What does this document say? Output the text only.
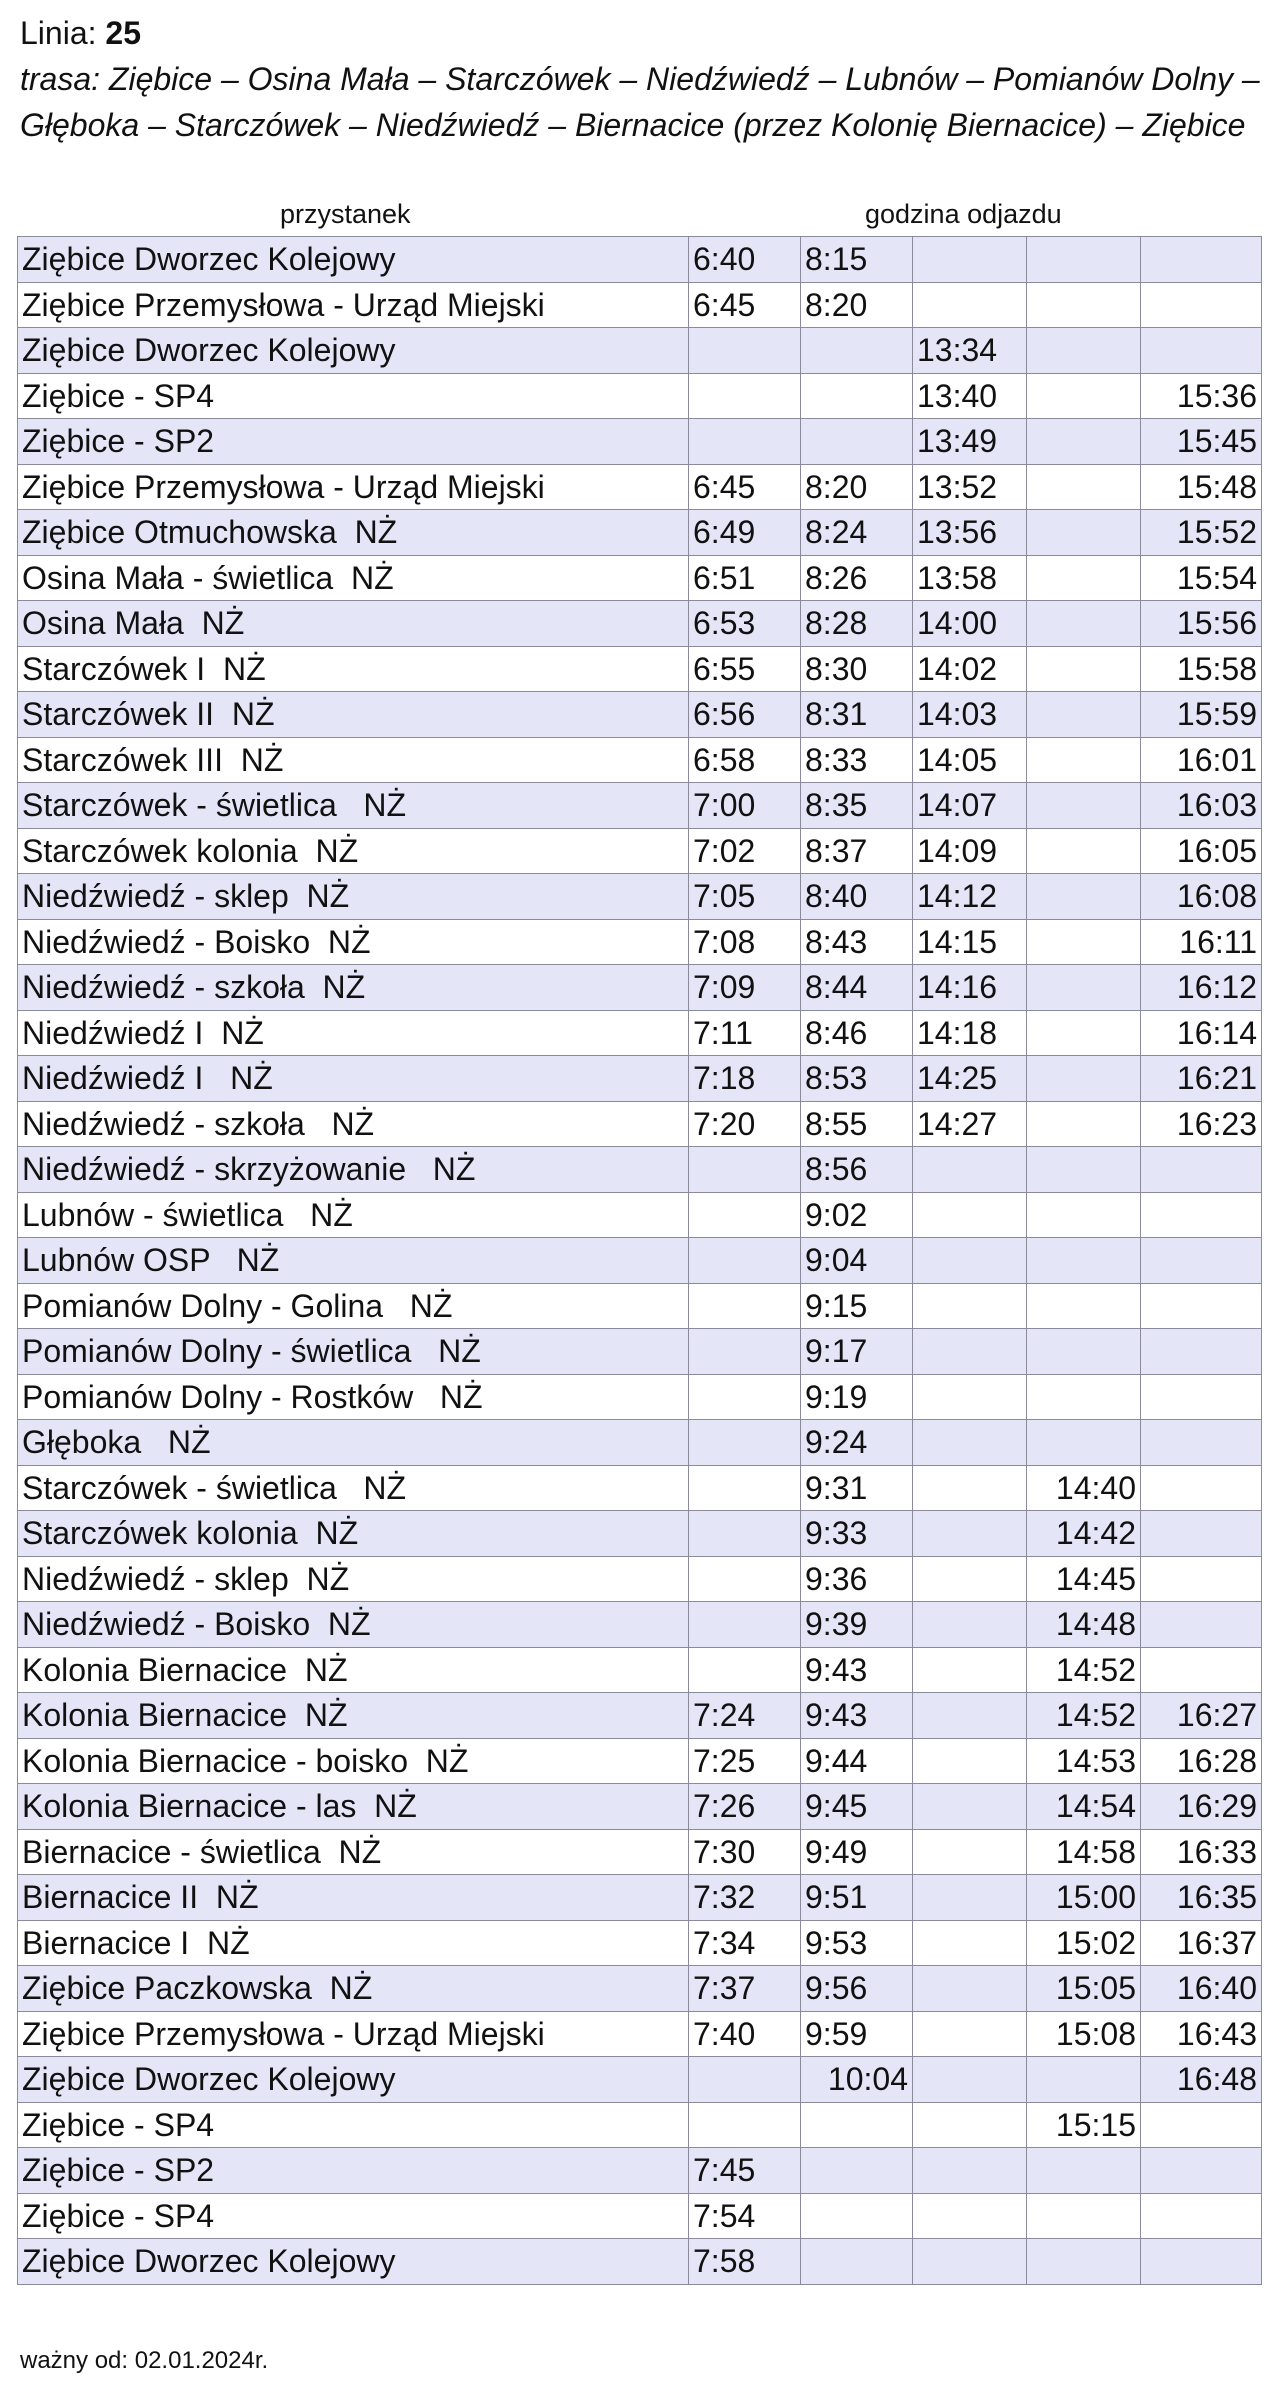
Linia: 25
trasa: Ziębice – Osina Mała – Starczówek – Niedźwiedź – Lubnów – Pomianów Dolny – Głęboka – Starczówek – Niedźwiedź – Biernacice (przez Kolonię Biernacice) – Ziębice
przystanek	godzina odjazdu
Ziębice Dworzec Kolejowy	6:40	8:15			
Ziębice Przemysłowa - Urząd Miejski	6:45	8:20			
Ziębice Dworzec Kolejowy			13:34		
Ziębice - SP4			13:40		15:36
Ziębice - SP2			13:49		15:45
Ziębice Przemysłowa - Urząd Miejski	6:45	8:20	13:52		15:48
Ziębice Otmuchowska  NŻ	6:49	8:24	13:56		15:52
Osina Mała - świetlica  NŻ	6:51	8:26	13:58		15:54
Osina Mała  NŻ	6:53	8:28	14:00		15:56
Starczówek I  NŻ	6:55	8:30	14:02		15:58
Starczówek II  NŻ	6:56	8:31	14:03		15:59
Starczówek III  NŻ	6:58	8:33	14:05		16:01
Starczówek - świetlica   NŻ	7:00	8:35	14:07		16:03
Starczówek kolonia  NŻ	7:02	8:37	14:09		16:05
Niedźwiedź - sklep  NŻ	7:05	8:40	14:12		16:08
Niedźwiedź - Boisko  NŻ	7:08	8:43	14:15		16:11
Niedźwiedź - szkoła  NŻ	7:09	8:44	14:16		16:12
Niedźwiedź I  NŻ	7:11	8:46	14:18		16:14
Niedźwiedź I   NŻ	7:18	8:53	14:25		16:21
Niedźwiedź - szkoła   NŻ	7:20	8:55	14:27		16:23
Niedźwiedź - skrzyżowanie   NŻ		8:56			
Lubnów - świetlica   NŻ		9:02			
Lubnów OSP   NŻ		9:04			
Pomianów Dolny - Golina   NŻ		9:15			
Pomianów Dolny - świetlica   NŻ		9:17			
Pomianów Dolny - Rostków   NŻ		9:19			
Głęboka   NŻ		9:24			
Starczówek - świetlica   NŻ		9:31		14:40	
Starczówek kolonia  NŻ		9:33		14:42	
Niedźwiedź - sklep  NŻ		9:36		14:45	
Niedźwiedź - Boisko  NŻ		9:39		14:48	
Kolonia Biernacice  NŻ		9:43		14:52	
Kolonia Biernacice  NŻ	7:24	9:43		14:52	16:27
Kolonia Biernacice - boisko  NŻ	7:25	9:44		14:53	16:28
Kolonia Biernacice - las  NŻ	7:26	9:45		14:54	16:29
Biernacice - świetlica  NŻ	7:30	9:49		14:58	16:33
Biernacice II  NŻ	7:32	9:51		15:00	16:35
Biernacice I  NŻ	7:34	9:53		15:02	16:37
Ziębice Paczkowska  NŻ	7:37	9:56		15:05	16:40
Ziębice Przemysłowa - Urząd Miejski	7:40	9:59		15:08	16:43
Ziębice Dworzec Kolejowy		10:04			16:48
Ziębice - SP4				15:15	
Ziębice - SP2	7:45				
Ziębice - SP4	7:54				
Ziębice Dworzec Kolejowy	7:58				
ważny od: 02.01.2024r.
